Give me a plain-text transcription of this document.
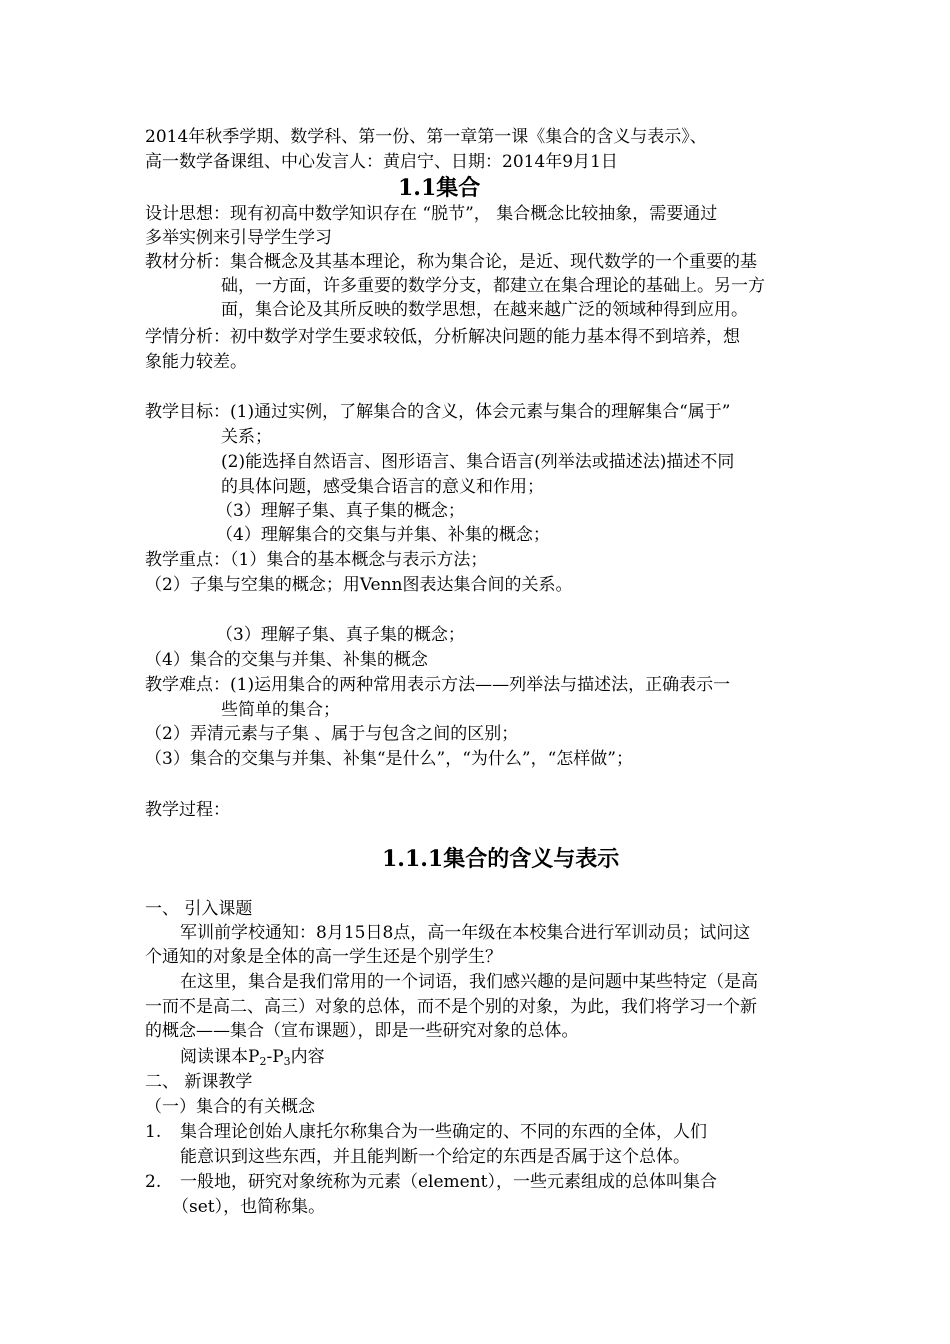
2014年秋季学期、数学科、第一份、第一章第一课《集合的含义与表示》、
高一数学备课组、中心发言人：黄启宁、日期：2014年9月1日
1.1集合
设计思想：现有初高中数学知识存在 “脱节”， 集合概念比较抽象，需要通过
多举实例来引导学生学习
教材分析：集合概念及其基本理论，称为集合论，是近、现代数学的一个重要的基
础，一方面，许多重要的数学分支，都建立在集合理论的基础上。另一方
面，集合论及其所反映的数学思想，在越来越广泛的领域种得到应用。
学情分析：初中数学对学生要求较低，分析解决问题的能力基本得不到培养，想
象能力较差。
教学目标：(1)通过实例，了解集合的含义，体会元素与集合的理解集合“属于”
关系；
(2)能选择自然语言、图形语言、集合语言(列举法或描述法)描述不同
的具体问题，感受集合语言的意义和作用；
（3）理解子集、真子集的概念；
（4）理解集合的交集与并集、补集的概念；
教学重点：（1）集合的基本概念与表示方法；
（2）子集与空集的概念；用Venn图表达集合间的关系。
（3）理解子集、真子集的概念；
（4）集合的交集与并集、补集的概念
教学难点：(1)运用集合的两种常用表示方法——列举法与描述法，正确表示一
些简单的集合；
（2）弄清元素与子集 、属于与包含之间的区别；
（3）集合的交集与并集、补集“是什么”，“为什么”，“怎样做”；
教学过程：
1.1.1集合的含义与表示
一、 引入课题
军训前学校通知：8月15日8点，高一年级在本校集合进行军训动员；试问这
个通知的对象是全体的高一学生还是个别学生？
在这里，集合是我们常用的一个词语，我们感兴趣的是问题中某些特定（是高
一而不是高二、高三）对象的总体，而不是个别的对象，为此，我们将学习一个新
的概念——集合（宣布课题），即是一些研究对象的总体。
阅读课本$P_2-P_3$内容
二、 新课教学
（一）集合的有关概念
1. 集合理论创始人康托尔称集合为一些确定的、不同的东西的全体，人们
能意识到这些东西，并且能判断一个给定的东西是否属于这个总体。
2. 一般地，研究对象统称为元素（element），一些元素组成的总体叫集合
（set），也简称集。
